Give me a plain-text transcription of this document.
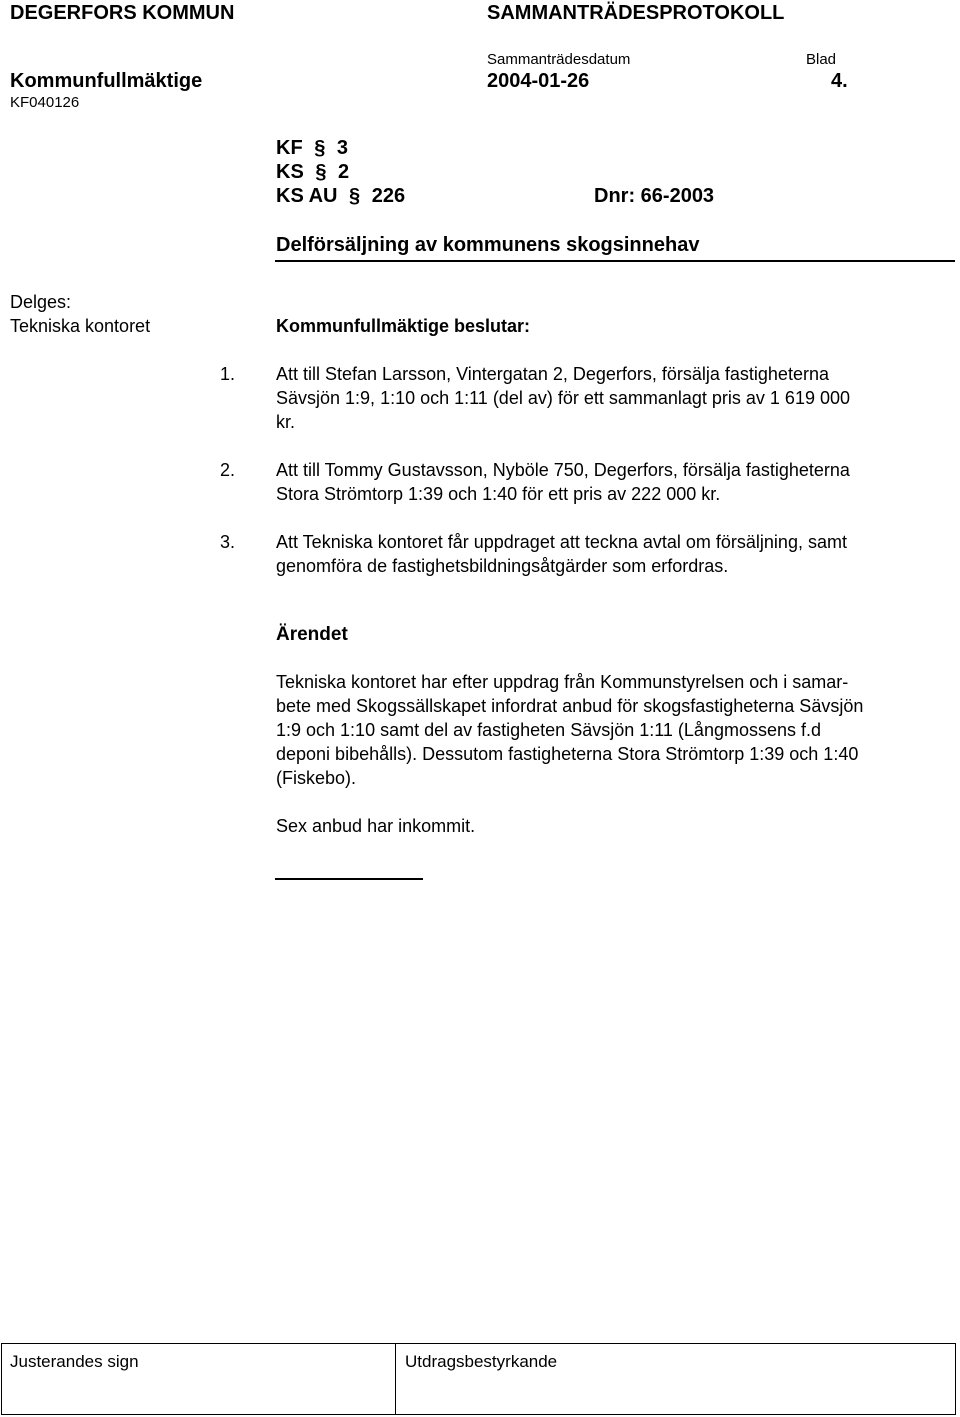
DEGERFORS KOMMUN	SAMMANTRÄDESPROTOKOLL
Sammanträdesdatum	Blad
Kommunfullmäktige	2004-01-26	4.
KF040126
KF § 3
KS § 2
KS AU § 226	Dnr: 66-2003
Delförsäljning av kommunens skogsinnehav
Delges:
Tekniska kontoret	Kommunfullmäktige beslutar:
1. Att till Stefan Larsson, Vintergatan 2, Degerfors, försälja fastigheterna
Sävsjön 1:9, 1:10 och 1:11 (del av) för ett sammanlagt pris av 1 619 000
kr.
2. Att till Tommy Gustavsson, Nyböle 750, Degerfors, försälja fastigheterna
Stora Strömtorp 1:39 och 1:40 för ett pris av 222 000 kr.
3. Att Tekniska kontoret får uppdraget att teckna avtal om försäljning, samt
genomföra de fastighetsbildningsåtgärder som erfordras.
Ärendet
Tekniska kontoret har efter uppdrag från Kommunstyrelsen och i samar-
bete med Skogssällskapet infordrat anbud för skogsfastigheterna Sävsjön
1:9 och 1:10 samt del av fastigheten Sävsjön 1:11 (Långmossens f.d
deponi bibehålls). Dessutom fastigheterna Stora Strömtorp 1:39 och 1:40
(Fiskebo).
Sex anbud har inkommit.
Justerandes sign	Utdragsbestyrkande
